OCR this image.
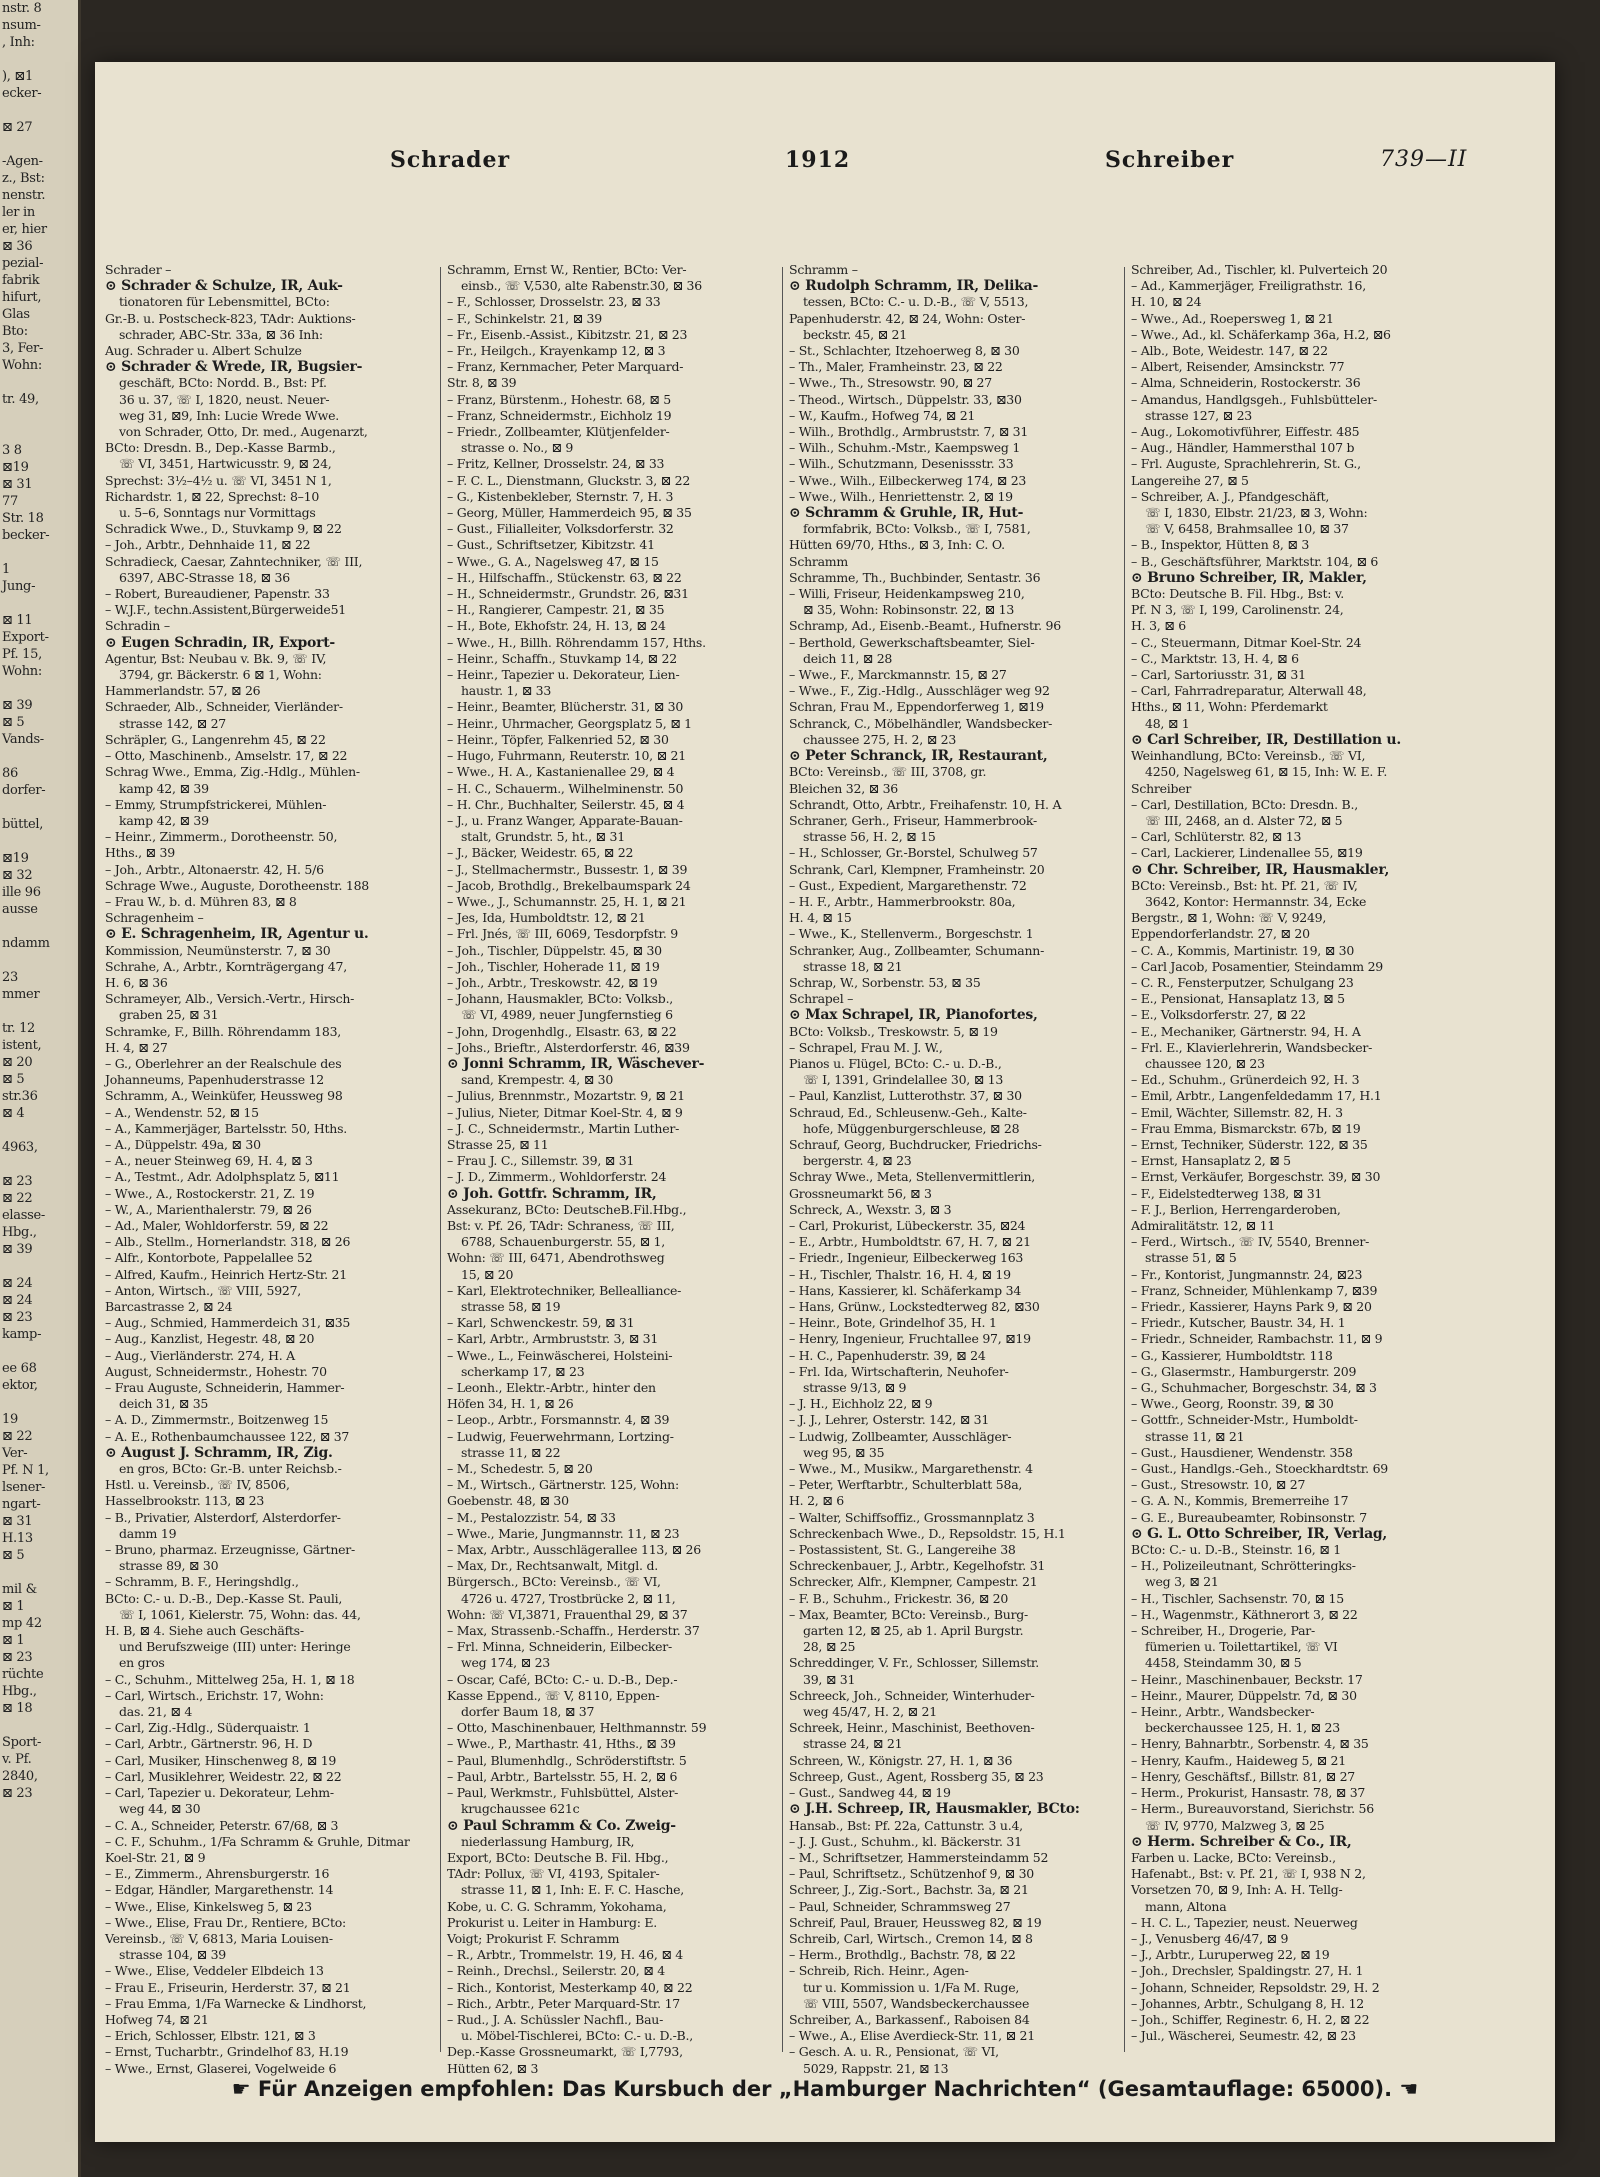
nstr. 8
nsum-
, Inh:

), ⊠1
ecker-

⊠ 27

-Agen-
z., Bst:
nenstr.
ler in
er, hier
⊠ 36
pezial-
fabrik
hifurt,
Glas
Bto:
3, Fer-
Wohn:

tr. 49,

3 8
⊠19
⊠ 31
77
Str. 18
becker-

1
Jung-

⊠ 11
Export-
Pf. 15,
Wohn:

⊠ 39
⊠ 5
Vands-

86
dorfer-

büttel,

⊠19
⊠ 32
ille 96
ausse

ndamm

23
mmer

tr. 12
istent,
⊠ 20
⊠ 5
str.36
⊠ 4

4963,

⊠ 23
⊠ 22
elasse-
Hbg.,
⊠ 39

⊠ 24
⊠ 24
⊠ 23
kamp-

ee 68
ektor,

19
⊠ 22
Ver-
Pf. N 1,
lsener-
ngart-
⊠ 31
H.13
⊠ 5

mil &
⊠ 1
mp 42
⊠ 1
⊠ 23
rüchte
Hbg.,
⊠ 18

Sport-
v. Pf.
2840,
⊠ 23
Schrader	1912	Schreiber	739—II
Schrader –
⊙ Schrader & Schulze, IR, Auk-
tionatoren für Lebensmittel, BCto:
Gr.-B. u. Postscheck-823, TAdr: Auktions-
schrader, ABC-Str. 33a, ⊠ 36 Inh:
Aug. Schrader u. Albert Schulze
⊙ Schrader & Wrede, IR, Bugsier-
geschäft, BCto: Nordd. B., Bst: Pf.
36 u. 37, ☏ I, 1820, neust. Neuer-
weg 31, ⊠9, Inh: Lucie Wrede Wwe.
von Schrader, Otto, Dr. med., Augenarzt,
BCto: Dresdn. B., Dep.-Kasse Barmb.,
☏ VI, 3451, Hartwicusstr. 9, ⊠ 24,
Sprechst: 3½–4½ u. ☏ VI, 3451 N 1,
Richardstr. 1, ⊠ 22, Sprechst: 8–10
u. 5–6, Sonntags nur Vormittags
Schradick Wwe., D., Stuvkamp 9, ⊠ 22
– Joh., Arbtr., Dehnhaide 11, ⊠ 22
Schradieck, Caesar, Zahntechniker, ☏ III,
6397, ABC-Strasse 18, ⊠ 36
– Robert, Bureaudiener, Papenstr. 33
– W.J.F., techn.Assistent,Bürgerweide51
Schradin –
⊙ Eugen Schradin, IR, Export-
Agentur, Bst: Neubau v. Bk. 9, ☏ IV,
3794, gr. Bäckerstr. 6 ⊠ 1, Wohn:
Hammerlandstr. 57, ⊠ 26
Schraeder, Alb., Schneider, Vierländer-
strasse 142, ⊠ 27
Schräpler, G., Langenrehm 45, ⊠ 22
– Otto, Maschinenb., Amselstr. 17, ⊠ 22
Schrag Wwe., Emma, Zig.-Hdlg., Mühlen-
kamp 42, ⊠ 39
– Emmy, Strumpfstrickerei, Mühlen-
kamp 42, ⊠ 39
– Heinr., Zimmerm., Dorotheenstr. 50,
Hths., ⊠ 39
– Joh., Arbtr., Altonaerstr. 42, H. 5/6
Schrage Wwe., Auguste, Dorotheenstr. 188
– Frau W., b. d. Mühren 83, ⊠ 8
Schragenheim –
⊙ E. Schragenheim, IR, Agentur u.
Kommission, Neumünsterstr. 7, ⊠ 30
Schrahe, A., Arbtr., Kornträgergang 47,
H. 6, ⊠ 36
Schrameyer, Alb., Versich.-Vertr., Hirsch-
graben 25, ⊠ 31
Schramke, F., Billh. Röhrendamm 183,
H. 4, ⊠ 27
– G., Oberlehrer an der Realschule des
Johanneums, Papenhuderstrasse 12
Schramm, A., Weinküfer, Heussweg 98
– A., Wendenstr. 52, ⊠ 15
– A., Kammerjäger, Bartelsstr. 50, Hths.
– A., Düppelstr. 49a, ⊠ 30
– A., neuer Steinweg 69, H. 4, ⊠ 3
– A., Testmt., Adr. Adolphsplatz 5, ⊠11
– Wwe., A., Rostockerstr. 21, Z. 19
– W., A., Marienthalerstr. 79, ⊠ 26
– Ad., Maler, Wohldorferstr. 59, ⊠ 22
– Alb., Stellm., Hornerlandstr. 318, ⊠ 26
– Alfr., Kontorbote, Pappelallee 52
– Alfred, Kaufm., Heinrich Hertz-Str. 21
– Anton, Wirtsch., ☏ VIII, 5927,
Barcastrasse 2, ⊠ 24
– Aug., Schmied, Hammerdeich 31, ⊠35
– Aug., Kanzlist, Hegestr. 48, ⊠ 20
– Aug., Vierländerstr. 274, H. A
August, Schneidermstr., Hohestr. 70
– Frau Auguste, Schneiderin, Hammer-
deich 31, ⊠ 35
– A. D., Zimmermstr., Boitzenweg 15
– A. E., Rothenbaumchaussee 122, ⊠ 37
⊙ August J. Schramm, IR, Zig.
en gros, BCto: Gr.-B. unter Reichsb.-
Hstl. u. Vereinsb., ☏ IV, 8506,
Hasselbrookstr. 113, ⊠ 23
– B., Privatier, Alsterdorf, Alsterdorfer-
damm 19
– Bruno, pharmaz. Erzeugnisse, Gärtner-
strasse 89, ⊠ 30
– Schramm, B. F., Heringshdlg.,
BCto: C.- u. D.-B., Dep.-Kasse St. Pauli,
☏ I, 1061, Kielerstr. 75, Wohn: das. 44,
H. B, ⊠ 4. Siehe auch Geschäfts-
und Berufszweige (III) unter: Heringe
en gros
– C., Schuhm., Mittelweg 25a, H. 1, ⊠ 18
– Carl, Wirtsch., Erichstr. 17, Wohn:
das. 21, ⊠ 4
– Carl, Zig.-Hdlg., Süderquaistr. 1
– Carl, Arbtr., Gärtnerstr. 96, H. D
– Carl, Musiker, Hinschenweg 8, ⊠ 19
– Carl, Musiklehrer, Weidestr. 22, ⊠ 22
– Carl, Tapezier u. Dekorateur, Lehm-
weg 44, ⊠ 30
– C. A., Schneider, Peterstr. 67/68, ⊠ 3
– C. F., Schuhm., 1/Fa Schramm & Gruhle, Ditmar
Koel-Str. 21, ⊠ 9
– E., Zimmerm., Ahrensburgerstr. 16
– Edgar, Händler, Margarethenstr. 14
– Wwe., Elise, Kinkelsweg 5, ⊠ 23
– Wwe., Elise, Frau Dr., Rentiere, BCto:
Vereinsb., ☏ V, 6813, Maria Louisen-
strasse 104, ⊠ 39
– Wwe., Elise, Veddeler Elbdeich 13
– Frau E., Friseurin, Herderstr. 37, ⊠ 21
– Frau Emma, 1/Fa Warnecke & Lindhorst,
Hofweg 74, ⊠ 21
– Erich, Schlosser, Elbstr. 121, ⊠ 3
– Ernst, Tucharbtr., Grindelhof 83, H.19
– Wwe., Ernst, Glaserei, Vogelweide 6
Schramm, Ernst W., Rentier, BCto: Ver-
einsb., ☏ V,530, alte Rabenstr.30, ⊠ 36
– F., Schlosser, Drosselstr. 23, ⊠ 33
– F., Schinkelstr. 21, ⊠ 39
– Fr., Eisenb.-Assist., Kibitzstr. 21, ⊠ 23
– Fr., Heilgch., Krayenkamp 12, ⊠ 3
– Franz, Kernmacher, Peter Marquard-
Str. 8, ⊠ 39
– Franz, Bürstenm., Hohestr. 68, ⊠ 5
– Franz, Schneidermstr., Eichholz 19
– Friedr., Zollbeamter, Klütjenfelder-
strasse o. No., ⊠ 9
– Fritz, Kellner, Drosselstr. 24, ⊠ 33
– F. C. L., Dienstmann, Gluckstr. 3, ⊠ 22
– G., Kistenbekleber, Sternstr. 7, H. 3
– Georg, Müller, Hammerdeich 95, ⊠ 35
– Gust., Filialleiter, Volksdorferstr. 32
– Gust., Schriftsetzer, Kibitzstr. 41
– Wwe., G. A., Nagelsweg 47, ⊠ 15
– H., Hilfschaffn., Stückenstr. 63, ⊠ 22
– H., Schneidermstr., Grundstr. 26, ⊠31
– H., Rangierer, Campestr. 21, ⊠ 35
– H., Bote, Ekhofstr. 24, H. 13, ⊠ 24
– Wwe., H., Billh. Röhrendamm 157, Hths.
– Heinr., Schaffn., Stuvkamp 14, ⊠ 22
– Heinr., Tapezier u. Dekorateur, Lien-
haustr. 1, ⊠ 33
– Heinr., Beamter, Blücherstr. 31, ⊠ 30
– Heinr., Uhrmacher, Georgsplatz 5, ⊠ 1
– Heinr., Töpfer, Falkenried 52, ⊠ 30
– Hugo, Fuhrmann, Reuterstr. 10, ⊠ 21
– Wwe., H. A., Kastanienallee 29, ⊠ 4
– H. C., Schauerm., Wilhelminenstr. 50
– H. Chr., Buchhalter, Seilerstr. 45, ⊠ 4
– J., u. Franz Wanger, Apparate-Bauan-
stalt, Grundstr. 5, ht., ⊠ 31
– J., Bäcker, Weidestr. 65, ⊠ 22
– J., Stellmachermstr., Bussestr. 1, ⊠ 39
– Jacob, Brothdlg., Brekelbaumspark 24
– Wwe., J., Schumannstr. 25, H. 1, ⊠ 21
– Jes, Ida, Humboldtstr. 12, ⊠ 21
– Frl. Jnés, ☏ III, 6069, Tesdorpfstr. 9
– Joh., Tischler, Düppelstr. 45, ⊠ 30
– Joh., Tischler, Hoherade 11, ⊠ 19
– Joh., Arbtr., Treskowstr. 42, ⊠ 19
– Johann, Hausmakler, BCto: Volksb.,
☏ VI, 4989, neuer Jungfernstieg 6
– John, Drogenhdlg., Elsastr. 63, ⊠ 22
– Johs., Brieftr., Alsterdorferstr. 46, ⊠39
⊙ Jonni Schramm, IR, Wäschever-
sand, Krempestr. 4, ⊠ 30
– Julius, Brennmstr., Mozartstr. 9, ⊠ 21
– Julius, Nieter, Ditmar Koel-Str. 4, ⊠ 9
– J. C., Schneidermstr., Martin Luther-
Strasse 25, ⊠ 11
– Frau J. C., Sillemstr. 39, ⊠ 31
– J. D., Zimmerm., Wohldorferstr. 24
⊙ Joh. Gottfr. Schramm, IR,
Assekuranz, BCto: DeutscheB.Fil.Hbg.,
Bst: v. Pf. 26, TAdr: Schraness, ☏ III,
6788, Schauenburgerstr. 55, ⊠ 1,
Wohn: ☏ III, 6471, Abendrothsweg
15, ⊠ 20
– Karl, Elektrotechniker, Bellealliance-
strasse 58, ⊠ 19
– Karl, Schwenckestr. 59, ⊠ 31
– Karl, Arbtr., Armbruststr. 3, ⊠ 31
– Wwe., L., Feinwäscherei, Holsteini-
scherkamp 17, ⊠ 23
– Leonh., Elektr.-Arbtr., hinter den
Höfen 34, H. 1, ⊠ 26
– Leop., Arbtr., Forsmannstr. 4, ⊠ 39
– Ludwig, Feuerwehrmann, Lortzing-
strasse 11, ⊠ 22
– M., Schedestr. 5, ⊠ 20
– M., Wirtsch., Gärtnerstr. 125, Wohn:
Goebenstr. 48, ⊠ 30
– M., Pestalozzistr. 54, ⊠ 33
– Wwe., Marie, Jungmannstr. 11, ⊠ 23
– Max, Arbtr., Ausschlägerallee 113, ⊠ 26
– Max, Dr., Rechtsanwalt, Mitgl. d.
Bürgersch., BCto: Vereinsb., ☏ VI,
4726 u. 4727, Trostbrücke 2, ⊠ 11,
Wohn: ☏ VI,3871, Frauenthal 29, ⊠ 37
– Max, Strassenb.-Schaffn., Herderstr. 37
– Frl. Minna, Schneiderin, Eilbecker-
weg 174, ⊠ 23
– Oscar, Café, BCto: C.- u. D.-B., Dep.-
Kasse Eppend., ☏ V, 8110, Eppen-
dorfer Baum 18, ⊠ 37
– Otto, Maschinenbauer, Helthmannstr. 59
– Wwe., P., Marthastr. 41, Hths., ⊠ 39
– Paul, Blumenhdlg., Schröderstiftstr. 5
– Paul, Arbtr., Bartelsstr. 55, H. 2, ⊠ 6
– Paul, Werkmstr., Fuhlsbüttel, Alster-
krugchaussee 621c
⊙ Paul Schramm & Co. Zweig-
niederlassung Hamburg, IR,
Export, BCto: Deutsche B. Fil. Hbg.,
TAdr: Pollux, ☏ VI, 4193, Spitaler-
strasse 11, ⊠ 1, Inh: E. F. C. Hasche,
Kobe, u. C. G. Schramm, Yokohama,
Prokurist u. Leiter in Hamburg: E.
Voigt; Prokurist F. Schramm
– R., Arbtr., Trommelstr. 19, H. 46, ⊠ 4
– Reinh., Drechsl., Seilerstr. 20, ⊠ 4
– Rich., Kontorist, Mesterkamp 40, ⊠ 22
– Rich., Arbtr., Peter Marquard-Str. 17
– Rud., J. A. Schüssler Nachfl., Bau-
u. Möbel-Tischlerei, BCto: C.- u. D.-B.,
Dep.-Kasse Grossneumarkt, ☏ I,7793,
Hütten 62, ⊠ 3
Schramm –
⊙ Rudolph Schramm, IR, Delika-
tessen, BCto: C.- u. D.-B., ☏ V, 5513,
Papenhuderstr. 42, ⊠ 24, Wohn: Oster-
beckstr. 45, ⊠ 21
– St., Schlachter, Itzehoerweg 8, ⊠ 30
– Th., Maler, Framheinstr. 23, ⊠ 22
– Wwe., Th., Stresowstr. 90, ⊠ 27
– Theod., Wirtsch., Düppelstr. 33, ⊠30
– W., Kaufm., Hofweg 74, ⊠ 21
– Wilh., Brothdlg., Armbruststr. 7, ⊠ 31
– Wilh., Schuhm.-Mstr., Kaempsweg 1
– Wilh., Schutzmann, Desenissstr. 33
– Wwe., Wilh., Eilbeckerweg 174, ⊠ 23
– Wwe., Wilh., Henriettenstr. 2, ⊠ 19
⊙ Schramm & Gruhle, IR, Hut-
formfabrik, BCto: Volksb., ☏ I, 7581,
Hütten 69/70, Hths., ⊠ 3, Inh: C. O.
Schramm
Schramme, Th., Buchbinder, Sentastr. 36
– Willi, Friseur, Heidenkampsweg 210,
⊠ 35, Wohn: Robinsonstr. 22, ⊠ 13
Schramp, Ad., Eisenb.-Beamt., Hufnerstr. 96
– Berthold, Gewerkschaftsbeamter, Siel-
deich 11, ⊠ 28
– Wwe., F., Marckmannstr. 15, ⊠ 27
– Wwe., F., Zig.-Hdlg., Ausschläger weg 92
Schran, Frau M., Eppendorferweg 1, ⊠19
Schranck, C., Möbelhändler, Wandsbecker-
chaussee 275, H. 2, ⊠ 23
⊙ Peter Schranck, IR, Restaurant,
BCto: Vereinsb., ☏ III, 3708, gr.
Bleichen 32, ⊠ 36
Schrandt, Otto, Arbtr., Freihafenstr. 10, H. A
Schraner, Gerh., Friseur, Hammerbrook-
strasse 56, H. 2, ⊠ 15
– H., Schlosser, Gr.-Borstel, Schulweg 57
Schrank, Carl, Klempner, Framheinstr. 20
– Gust., Expedient, Margarethenstr. 72
– H. F., Arbtr., Hammerbrookstr. 80a,
H. 4, ⊠ 15
– Wwe., K., Stellenverm., Borgeschstr. 1
Schranker, Aug., Zollbeamter, Schumann-
strasse 18, ⊠ 21
Schrap, W., Sorbenstr. 53, ⊠ 35
Schrapel –
⊙ Max Schrapel, IR, Pianofortes,
BCto: Volksb., Treskowstr. 5, ⊠ 19
– Schrapel, Frau M. J. W.,
Pianos u. Flügel, BCto: C.- u. D.-B.,
☏ I, 1391, Grindelallee 30, ⊠ 13
– Paul, Kanzlist, Lutterothstr. 37, ⊠ 30
Schraud, Ed., Schleusenw.-Geh., Kalte-
hofe, Müggenburgerschleuse, ⊠ 28
Schrauf, Georg, Buchdrucker, Friedrichs-
bergerstr. 4, ⊠ 23
Schray Wwe., Meta, Stellenvermittlerin,
Grossneumarkt 56, ⊠ 3
Schreck, A., Wexstr. 3, ⊠ 3
– Carl, Prokurist, Lübeckerstr. 35, ⊠24
– E., Arbtr., Humboldtstr. 67, H. 7, ⊠ 21
– Friedr., Ingenieur, Eilbeckerweg 163
– H., Tischler, Thalstr. 16, H. 4, ⊠ 19
– Hans, Kassierer, kl. Schäferkamp 34
– Hans, Grünw., Lockstedterweg 82, ⊠30
– Heinr., Bote, Grindelhof 35, H. 1
– Henry, Ingenieur, Fruchtallee 97, ⊠19
– H. C., Papenhuderstr. 39, ⊠ 24
– Frl. Ida, Wirtschafterin, Neuhofer-
strasse 9/13, ⊠ 9
– J. H., Eichholz 22, ⊠ 9
– J. J., Lehrer, Osterstr. 142, ⊠ 31
– Ludwig, Zollbeamter, Ausschläger-
weg 95, ⊠ 35
– Wwe., M., Musikw., Margarethenstr. 4
– Peter, Werftarbtr., Schulterblatt 58a,
H. 2, ⊠ 6
– Walter, Schiffsoffiz., Grossmannplatz 3
Schreckenbach Wwe., D., Repsoldstr. 15, H.1
– Postassistent, St. G., Langereihe 38
Schreckenbauer, J., Arbtr., Kegelhofstr. 31
Schrecker, Alfr., Klempner, Campestr. 21
– F. B., Schuhm., Frickestr. 36, ⊠ 20
– Max, Beamter, BCto: Vereinsb., Burg-
garten 12, ⊠ 25, ab 1. April Burgstr.
28, ⊠ 25
Schreddinger, V. Fr., Schlosser, Sillemstr.
39, ⊠ 31
Schreeck, Joh., Schneider, Winterhuder-
weg 45/47, H. 2, ⊠ 21
Schreek, Heinr., Maschinist, Beethoven-
strasse 24, ⊠ 21
Schreen, W., Königstr. 27, H. 1, ⊠ 36
Schreep, Gust., Agent, Rossberg 35, ⊠ 23
– Gust., Sandweg 44, ⊠ 19
⊙ J.H. Schreep, IR, Hausmakler, BCto:
Hansab., Bst: Pf. 22a, Cattunstr. 3 u.4,
– J. J. Gust., Schuhm., kl. Bäckerstr. 31
– M., Schriftsetzer, Hammersteindamm 52
– Paul, Schriftsetz., Schützenhof 9, ⊠ 30
Schreer, J., Zig.-Sort., Bachstr. 3a, ⊠ 21
– Paul, Schneider, Schrammsweg 27
Schreif, Paul, Brauer, Heussweg 82, ⊠ 19
Schreib, Carl, Wirtsch., Cremon 14, ⊠ 8
– Herm., Brothdlg., Bachstr. 78, ⊠ 22
– Schreib, Rich. Heinr., Agen-
tur u. Kommission u. 1/Fa M. Ruge,
☏ VIII, 5507, Wandsbeckerchaussee
Schreiber, A., Barkassenf., Raboisen 84
– Wwe., A., Elise Averdieck-Str. 11, ⊠ 21
– Gesch. A. u. R., Pensionat, ☏ VI,
5029, Rappstr. 21, ⊠ 13
Schreiber, Ad., Tischler, kl. Pulverteich 20
– Ad., Kammerjäger, Freiligrathstr. 16,
H. 10, ⊠ 24
– Wwe., Ad., Roepersweg 1, ⊠ 21
– Wwe., Ad., kl. Schäferkamp 36a, H.2, ⊠6
– Alb., Bote, Weidestr. 147, ⊠ 22
– Albert, Reisender, Amsinckstr. 77
– Alma, Schneiderin, Rostockerstr. 36
– Amandus, Handlgsgeh., Fuhlsbütteler-
strasse 127, ⊠ 23
– Aug., Lokomotivführer, Eiffestr. 485
– Aug., Händler, Hammersthal 107 b
– Frl. Auguste, Sprachlehrerin, St. G.,
Langereihe 27, ⊠ 5
– Schreiber, A. J., Pfandgeschäft,
☏ I, 1830, Elbstr. 21/23, ⊠ 3, Wohn:
☏ V, 6458, Brahmsallee 10, ⊠ 37
– B., Inspektor, Hütten 8, ⊠ 3
– B., Geschäftsführer, Marktstr. 104, ⊠ 6
⊙ Bruno Schreiber, IR, Makler,
BCto: Deutsche B. Fil. Hbg., Bst: v.
Pf. N 3, ☏ I, 199, Carolinenstr. 24,
H. 3, ⊠ 6
– C., Steuermann, Ditmar Koel-Str. 24
– C., Marktstr. 13, H. 4, ⊠ 6
– Carl, Sartoriusstr. 31, ⊠ 31
– Carl, Fahrradreparatur, Alterwall 48,
Hths., ⊠ 11, Wohn: Pferdemarkt
48, ⊠ 1
⊙ Carl Schreiber, IR, Destillation u.
Weinhandlung, BCto: Vereinsb., ☏ VI,
4250, Nagelsweg 61, ⊠ 15, Inh: W. E. F.
Schreiber
– Carl, Destillation, BCto: Dresdn. B.,
☏ III, 2468, an d. Alster 72, ⊠ 5
– Carl, Schlüterstr. 82, ⊠ 13
– Carl, Lackierer, Lindenallee 55, ⊠19
⊙ Chr. Schreiber, IR, Hausmakler,
BCto: Vereinsb., Bst: ht. Pf. 21, ☏ IV,
3642, Kontor: Hermannstr. 34, Ecke
Bergstr., ⊠ 1, Wohn: ☏ V, 9249,
Eppendorferlandstr. 27, ⊠ 20
– C. A., Kommis, Martinistr. 19, ⊠ 30
– Carl Jacob, Posamentier, Steindamm 29
– C. R., Fensterputzer, Schulgang 23
– E., Pensionat, Hansaplatz 13, ⊠ 5
– E., Volksdorferstr. 27, ⊠ 22
– E., Mechaniker, Gärtnerstr. 94, H. A
– Frl. E., Klavierlehrerin, Wandsbecker-
chaussee 120, ⊠ 23
– Ed., Schuhm., Grünerdeich 92, H. 3
– Emil, Arbtr., Langenfeldedamm 17, H.1
– Emil, Wächter, Sillemstr. 82, H. 3
– Frau Emma, Bismarckstr. 67b, ⊠ 19
– Ernst, Techniker, Süderstr. 122, ⊠ 35
– Ernst, Hansaplatz 2, ⊠ 5
– Ernst, Verkäufer, Borgeschstr. 39, ⊠ 30
– F., Eidelstedterweg 138, ⊠ 31
– F. J., Berlion, Herrengarderoben,
Admiralitätstr. 12, ⊠ 11
– Ferd., Wirtsch., ☏ IV, 5540, Brenner-
strasse 51, ⊠ 5
– Fr., Kontorist, Jungmannstr. 24, ⊠23
– Franz, Schneider, Mühlenkamp 7, ⊠39
– Friedr., Kassierer, Hayns Park 9, ⊠ 20
– Friedr., Kutscher, Baustr. 34, H. 1
– Friedr., Schneider, Rambachstr. 11, ⊠ 9
– G., Kassierer, Humboldtstr. 118
– G., Glasermstr., Hamburgerstr. 209
– G., Schuhmacher, Borgeschstr. 34, ⊠ 3
– Wwe., Georg, Roonstr. 39, ⊠ 30
– Gottfr., Schneider-Mstr., Humboldt-
strasse 11, ⊠ 21
– Gust., Hausdiener, Wendenstr. 358
– Gust., Handlgs.-Geh., Stoeckhardtstr. 69
– Gust., Stresowstr. 10, ⊠ 27
– G. A. N., Kommis, Bremerreihe 17
– G. E., Bureaubeamter, Robinsonstr. 7
⊙ G. L. Otto Schreiber, IR, Verlag,
BCto: C.- u. D.-B., Steinstr. 16, ⊠ 1
– H., Polizeileutnant, Schrötteringks-
weg 3, ⊠ 21
– H., Tischler, Sachsenstr. 70, ⊠ 15
– H., Wagenmstr., Käthnerort 3, ⊠ 22
– Schreiber, H., Drogerie, Par-
fümerien u. Toilettartikel, ☏ VI
4458, Steindamm 30, ⊠ 5
– Heinr., Maschinenbauer, Beckstr. 17
– Heinr., Maurer, Düppelstr. 7d, ⊠ 30
– Heinr., Arbtr., Wandsbecker-
beckerchaussee 125, H. 1, ⊠ 23
– Henry, Bahnarbtr., Sorbenstr. 4, ⊠ 35
– Henry, Kaufm., Haideweg 5, ⊠ 21
– Henry, Geschäftsf., Billstr. 81, ⊠ 27
– Herm., Prokurist, Hansastr. 78, ⊠ 37
– Herm., Bureauvorstand, Sierichstr. 56
☏ IV, 9770, Malzweg 3, ⊠ 25
⊙ Herm. Schreiber & Co., IR,
Farben u. Lacke, BCto: Vereinsb.,
Hafenabt., Bst: v. Pf. 21, ☏ I, 938 N 2,
Vorsetzen 70, ⊠ 9, Inh: A. H. Tellg-
mann, Altona
– H. C. L., Tapezier, neust. Neuerweg
– J., Venusberg 46/47, ⊠ 9
– J., Arbtr., Luruperweg 22, ⊠ 19
– Joh., Drechsler, Spaldingstr. 27, H. 1
– Johann, Schneider, Repsoldstr. 29, H. 2
– Johannes, Arbtr., Schulgang 8, H. 12
– Joh., Schiffer, Reginestr. 6, H. 2, ⊠ 22
– Jul., Wäscherei, Seumestr. 42, ⊠ 23
☛ Für Anzeigen empfohlen: Das Kursbuch der „Hamburger Nachrichten“ (Gesamtauflage: 65000). ☚
